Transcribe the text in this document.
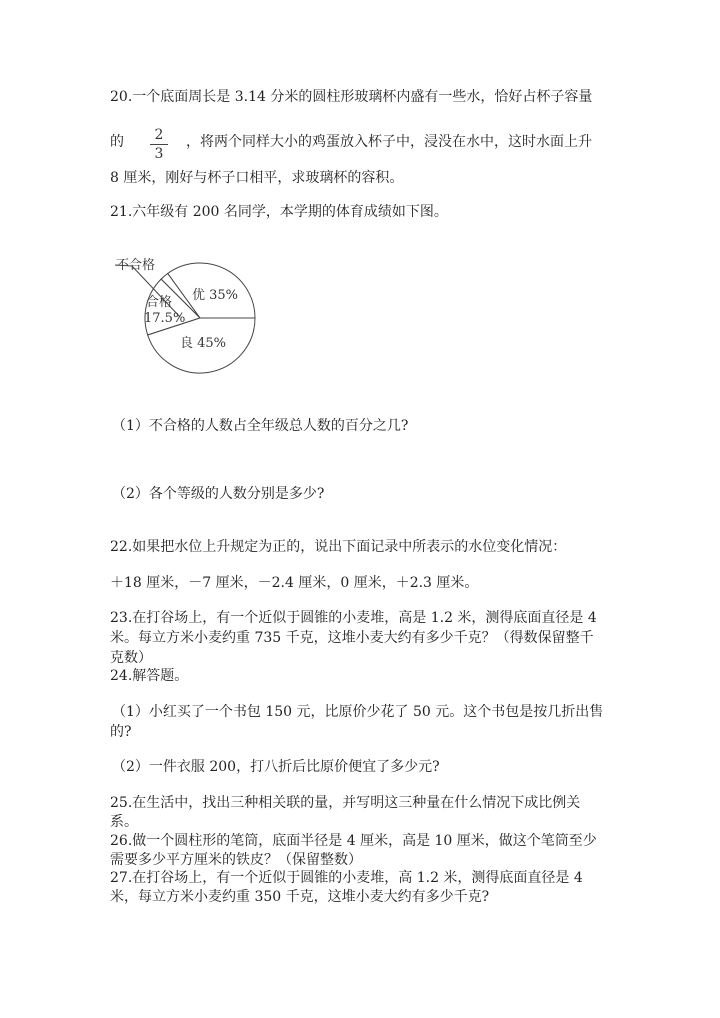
20.一个底面周长是 3.14 分米的圆柱形玻璃杯内盛有一些水，恰好占杯子容量

的	2
3

，将两个同样大小的鸡蛋放入杯子中，浸没在水中，这时水面上升

8 厘米，刚好与杯子口相平，求玻璃杯的容积。

21.六年级有 200 名同学，本学期的体育成绩如下图。

不合格
优 35%
良 45%
合格
17.5%

（1）不合格的人数占全年级总人数的百分之几?

（2）各个等级的人数分别是多少?

22.如果把水位上升规定为正的，说出下面记录中所表示的水位变化情况：

＋18 厘米，－7 厘米，－2.4 厘米，0 厘米，＋2.3 厘米。

23.在打谷场上，有一个近似于圆锥的小麦堆，高是 1.2 米，测得底面直径是 4

米。每立方米小麦约重 735 千克，这堆小麦大约有多少千克？（得数保留整千

克数）

24.解答题。

（1）小红买了一个书包 150 元，比原价少花了 50 元。这个书包是按几折出售

的?

（2）一件衣服 200，打八折后比原价便宜了多少元?

25.在生活中，找出三种相关联的量，并写明这三种量在什么情况下成比例关

系。

26.做一个圆柱形的笔筒，底面半径是 4 厘米，高是 10 厘米，做这个笔筒至少

需要多少平方厘米的铁皮？（保留整数）

27.在打谷场上，有一个近似于圆锥的小麦堆，高 1.2 米，测得底面直径是 4

米，每立方米小麦约重 350 千克，这堆小麦大约有多少千克?
